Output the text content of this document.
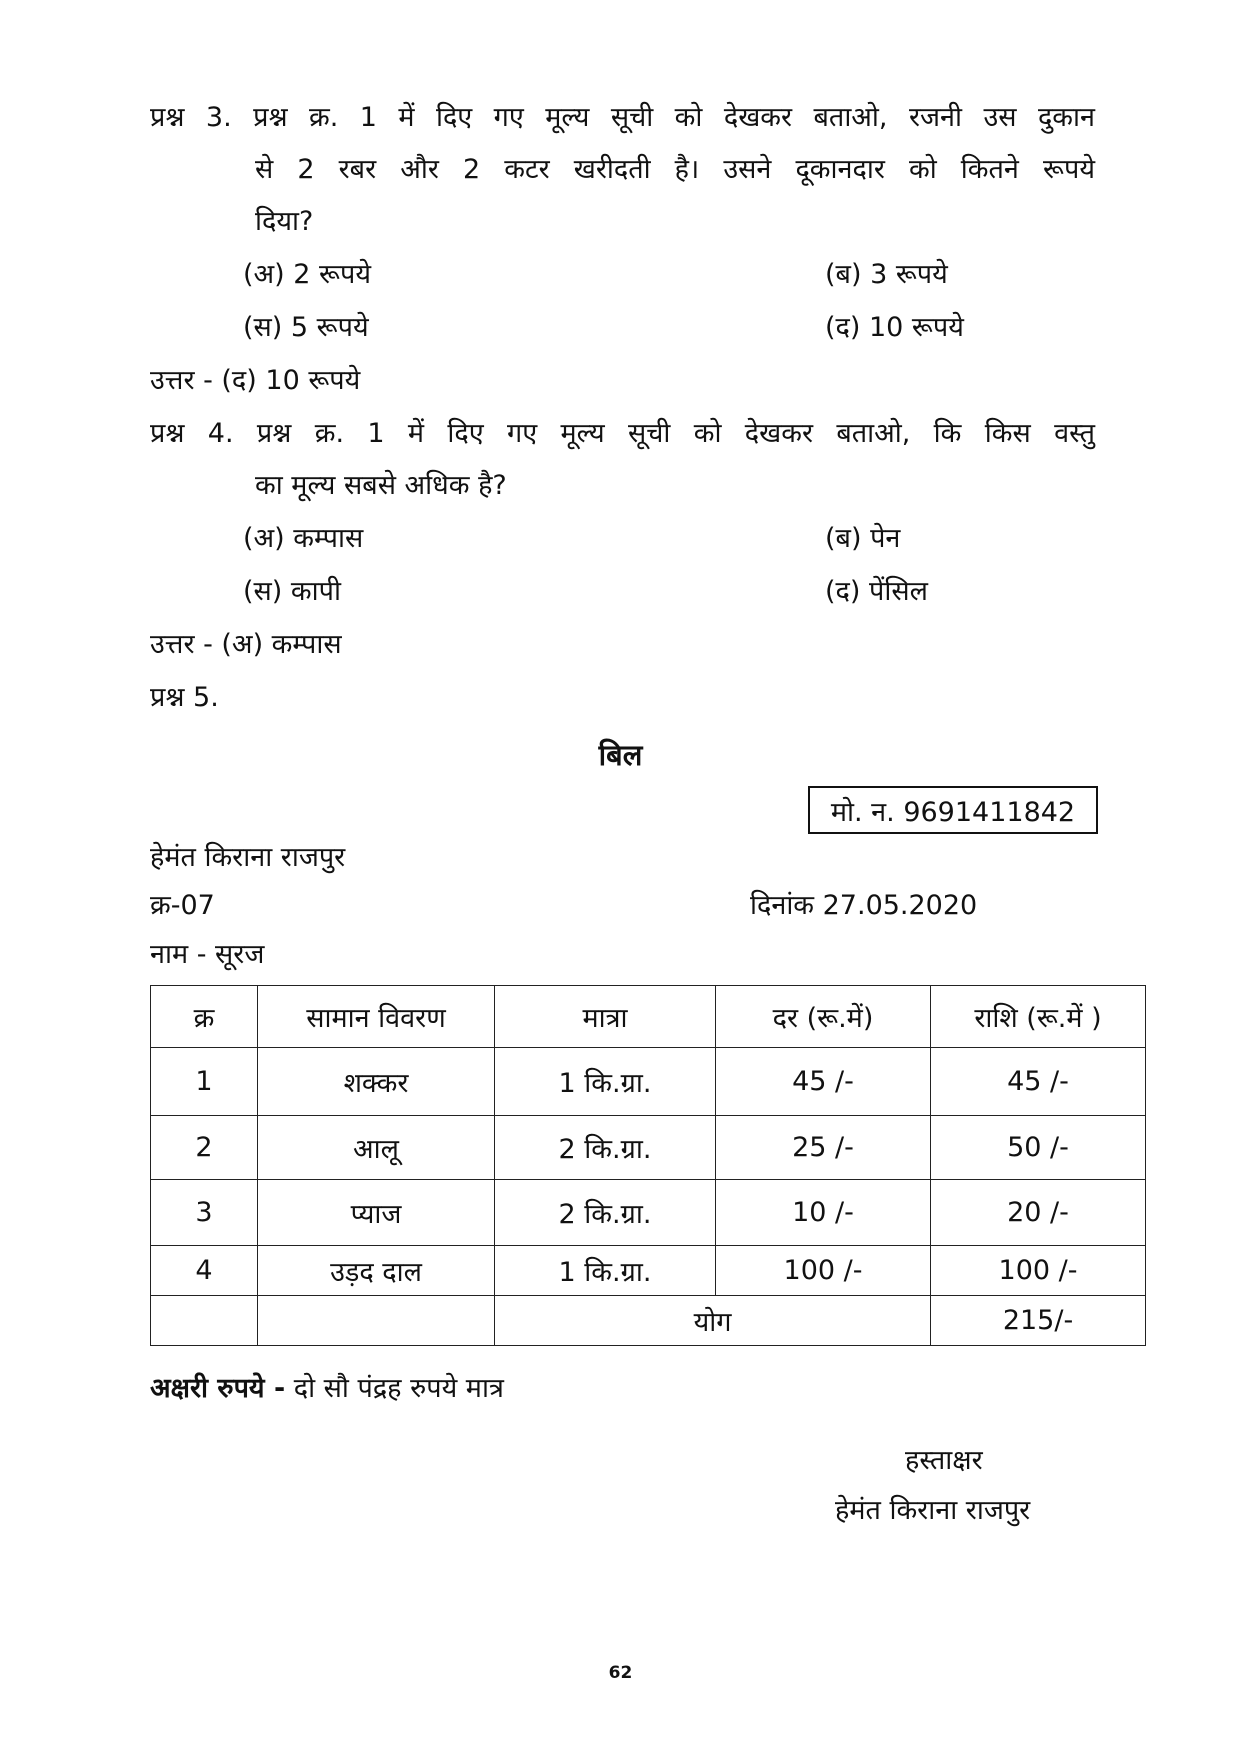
प्रश्न 3. प्रश्न क्र. 1 में दिए गए मूल्य सूची को देखकर बताओ, रजनी उस दुकान
से 2 रबर और 2 कटर खरीदती है। उसने दूकानदार को कितने रूपये
दिया?
(अ) 2 रूपये	(ब) 3 रूपये
(स) 5 रूपये	(द) 10 रूपये
उत्तर - (द) 10 रूपये
प्रश्न 4. प्रश्न क्र. 1 में दिए गए मूल्य सूची को देखकर बताओ, कि किस वस्तु
का मूल्य सबसे अधिक है?
(अ) कम्पास	(ब) पेन
(स) कापी	(द) पेंसिल
उत्तर - (अ) कम्पास
प्रश्न 5.
बिल
मो. न. 9691411842
हेमंत किराना राजपुर
क्र-07	दिनांक 27.05.2020
नाम - सूरज
क्र	सामान विवरण	मात्रा	दर (रू.में)	राशि (रू.में )
1	शक्कर	1 कि.ग्रा.	45 /-	45 /-
2	आलू	2 कि.ग्रा.	25 /-	50 /-
3	प्याज	2 कि.ग्रा.	10 /-	20 /-
4	उड़द दाल	1 कि.ग्रा.	100 /-	100 /-
		योग		215/-
अक्षरी रुपये - दो सौ पंद्रह रुपये मात्र
हस्ताक्षर
हेमंत किराना राजपुर
62
